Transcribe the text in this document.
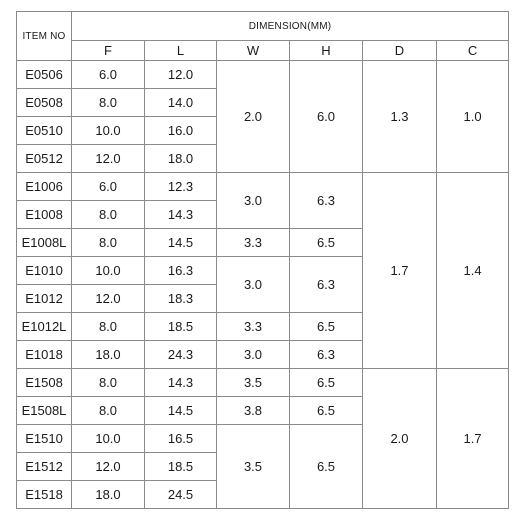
ITEM NO	DIMENSION(MM)					
	F	L	W	H	D	C
E0506	6.0	12.0	2.0	6.0	1.3	1.0
E0508	8.0	14.0				
E0510	10.0	16.0				
E0512	12.0	18.0				
E1006	6.0	12.3	3.0	6.3	1.7	1.4
E1008	8.0	14.3				
E1008L	8.0	14.5	3.3	6.5		
E1010	10.0	16.3	3.0	6.3		
E1012	12.0	18.3				
E1012L	8.0	18.5	3.3	6.5		
E1018	18.0	24.3	3.0	6.3		
E1508	8.0	14.3	3.5	6.5	2.0	1.7
E1508L	8.0	14.5	3.8	6.5		
E1510	10.0	16.5	3.5	6.5		
E1512	12.0	18.5				
E1518	18.0	24.5				
